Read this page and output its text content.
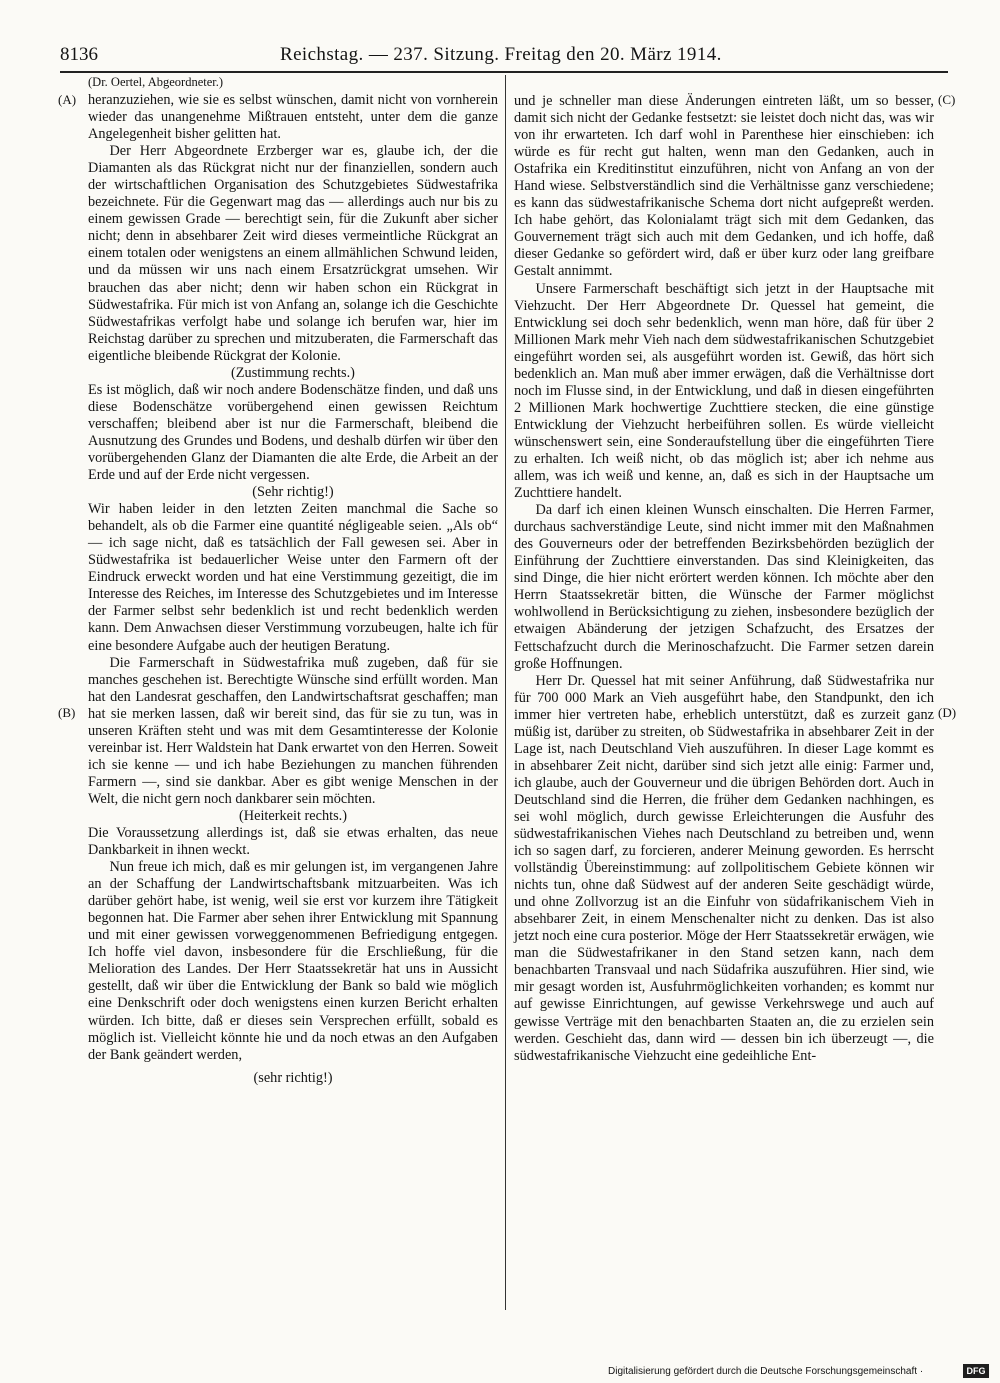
8136	Reichstag. — 237. Sitzung. Freitag den 20. März 1914.
(Dr. Oertel, Abgeordneter.)
(A)
(B)
(C)
(D)

heranzuziehen, wie sie es selbst wünschen, damit nicht von vornherein wieder das unangenehme Mißtrauen entsteht, unter dem die ganze Angelegenheit bisher gelitten hat.

Der Herr Abgeordnete Erzberger war es, glaube ich, der die Diamanten als das Rückgrat nicht nur der finanziellen, sondern auch der wirtschaftlichen Organisation des Schutzgebietes Südwestafrika bezeichnete. Für die Gegenwart mag das — allerdings auch nur bis zu einem gewissen Grade — berechtigt sein, für die Zukunft aber sicher nicht; denn in absehbarer Zeit wird dieses vermeintliche Rückgrat an einem totalen oder wenigstens an einem allmählichen Schwund leiden, und da müssen wir uns nach einem Ersatzrückgrat umsehen. Wir brauchen das aber nicht; denn wir haben schon ein Rückgrat in Südwestafrika. Für mich ist von Anfang an, solange ich die Geschichte Südwestafrikas verfolgt habe und solange ich berufen war, hier im Reichstag darüber zu sprechen und mitzuberaten, die Farmerschaft das eigentliche bleibende Rückgrat der Kolonie.

(Zustimmung rechts.)

Es ist möglich, daß wir noch andere Bodenschätze finden, und daß uns diese Bodenschätze vorübergehend einen gewissen Reichtum verschaffen; bleibend aber ist nur die Farmerschaft, bleibend die Ausnutzung des Grundes und Bodens, und deshalb dürfen wir über den vorübergehenden Glanz der Diamanten die alte Erde, die Arbeit an der Erde und auf der Erde nicht vergessen.

(Sehr richtig!)

Wir haben leider in den letzten Zeiten manchmal die Sache so behandelt, als ob die Farmer eine quantité négligeable seien. „Als ob“ — ich sage nicht, daß es tatsächlich der Fall gewesen sei. Aber in Südwestafrika ist bedauerlicher Weise unter den Farmern oft der Eindruck erweckt worden und hat eine Verstimmung gezeitigt, die im Interesse des Reiches, im Interesse des Schutzgebietes und im Interesse der Farmer selbst sehr bedenklich ist und recht bedenklich werden kann. Dem Anwachsen dieser Verstimmung vorzubeugen, halte ich für eine besondere Aufgabe auch der heutigen Beratung.

Die Farmerschaft in Südwestafrika muß zugeben, daß für sie manches geschehen ist. Berechtigte Wünsche sind erfüllt worden. Man hat den Landesrat geschaffen, den Landwirtschaftsrat geschaffen; man hat sie merken lassen, daß wir bereit sind, das für sie zu tun, was in unseren Kräften steht und was mit dem Gesamtinteresse der Kolonie vereinbar ist. Herr Waldstein hat Dank erwartet von den Herren. Soweit ich sie kenne — und ich habe Beziehungen zu manchen führenden Farmern —, sind sie dankbar. Aber es gibt wenige Menschen in der Welt, die nicht gern noch dankbarer sein möchten.

(Heiterkeit rechts.)

Die Voraussetzung allerdings ist, daß sie etwas erhalten, das neue Dankbarkeit in ihnen weckt.

Nun freue ich mich, daß es mir gelungen ist, im vergangenen Jahre an der Schaffung der Landwirtschaftsbank mitzuarbeiten. Was ich darüber gehört habe, ist wenig, weil sie erst vor kurzem ihre Tätigkeit begonnen hat. Die Farmer aber sehen ihrer Entwicklung mit Spannung und mit einer gewissen vorweggenommenen Befriedigung entgegen. Ich hoffe viel davon, insbesondere für die Erschließung, für die Melioration des Landes. Der Herr Staatssekretär hat uns in Aussicht gestellt, daß wir über die Entwicklung der Bank so bald wie möglich eine Denkschrift oder doch wenigstens einen kurzen Bericht erhalten würden. Ich bitte, daß er dieses sein Versprechen erfüllt, sobald es möglich ist. Vielleicht könnte hie und da noch etwas an den Aufgaben der Bank geändert werden,

(sehr richtig!)

und je schneller man diese Änderungen eintreten läßt, um so besser, damit sich nicht der Gedanke festsetzt: sie leistet doch nicht das, was wir von ihr erwarteten. Ich darf wohl in Parenthese hier einschieben: ich würde es für recht gut halten, wenn man den Gedanken, auch in Ostafrika ein Kreditinstitut einzuführen, nicht von Anfang an von der Hand wiese. Selbstverständlich sind die Verhältnisse ganz verschiedene; es kann das südwestafrikanische Schema dort nicht aufgepreßt werden. Ich habe gehört, das Kolonialamt trägt sich mit dem Gedanken, das Gouvernement trägt sich auch mit dem Gedanken, und ich hoffe, daß dieser Gedanke so gefördert wird, daß er über kurz oder lang greifbare Gestalt annimmt.

Unsere Farmerschaft beschäftigt sich jetzt in der Hauptsache mit Viehzucht. Der Herr Abgeordnete Dr. Quessel hat gemeint, die Entwicklung sei doch sehr bedenklich, wenn man höre, daß für über 2 Millionen Mark mehr Vieh nach dem südwestafrikanischen Schutzgebiet eingeführt worden sei, als ausgeführt worden ist. Gewiß, das hört sich bedenklich an. Man muß aber immer erwägen, daß die Verhältnisse dort noch im Flusse sind, in der Entwicklung, und daß in diesen eingeführten 2 Millionen Mark hochwertige Zuchttiere stecken, die eine günstige Entwicklung der Viehzucht herbeiführen sollen. Es würde vielleicht wünschenswert sein, eine Sonderaufstellung über die eingeführten Tiere zu erhalten. Ich weiß nicht, ob das möglich ist; aber ich nehme aus allem, was ich weiß und kenne, an, daß es sich in der Hauptsache um Zuchttiere handelt.

Da darf ich einen kleinen Wunsch einschalten. Die Herren Farmer, durchaus sachverständige Leute, sind nicht immer mit den Maßnahmen des Gouverneurs oder der betreffenden Bezirksbehörden bezüglich der Einführung der Zuchttiere einverstanden. Das sind Kleinigkeiten, das sind Dinge, die hier nicht erörtert werden können. Ich möchte aber den Herrn Staatssekretär bitten, die Wünsche der Farmer möglichst wohlwollend in Berücksichtigung zu ziehen, insbesondere bezüglich der etwaigen Abänderung der jetzigen Schafzucht, des Ersatzes der Fettschafzucht durch die Merinoschafzucht. Die Farmer setzen darein große Hoffnungen.

Herr Dr. Quessel hat mit seiner Anführung, daß Südwestafrika nur für 700 000 Mark an Vieh ausgeführt habe, den Standpunkt, den ich immer hier vertreten habe, erheblich unterstützt, daß es zurzeit ganz müßig ist, darüber zu streiten, ob Südwestafrika in absehbarer Zeit in der Lage ist, nach Deutschland Vieh auszuführen. In dieser Lage kommt es in absehbarer Zeit nicht, darüber sind sich jetzt alle einig: Farmer und, ich glaube, auch der Gouverneur und die übrigen Behörden dort. Auch in Deutschland sind die Herren, die früher dem Gedanken nachhingen, es sei wohl möglich, durch gewisse Erleichterungen die Ausfuhr des südwestafrikanischen Viehes nach Deutschland zu betreiben und, wenn ich so sagen darf, zu forcieren, anderer Meinung geworden. Es herrscht vollständig Übereinstimmung: auf zollpolitischem Gebiete können wir nichts tun, ohne daß Südwest auf der anderen Seite geschädigt würde, und ohne Zollvorzug ist an die Einfuhr von südafrikanischem Vieh in absehbarer Zeit, in einem Menschenalter nicht zu denken. Das ist also jetzt noch eine cura posterior. Möge der Herr Staatssekretär erwägen, wie man die Südwestafrikaner in den Stand setzen kann, nach dem benachbarten Transvaal und nach Südafrika auszuführen. Hier sind, wie mir gesagt worden ist, Ausfuhrmöglichkeiten vorhanden; es kommt nur auf gewisse Einrichtungen, auf gewisse Verkehrswege und auch auf gewisse Verträge mit den benachbarten Staaten an, die zu erzielen sein werden. Geschieht das, dann wird — dessen bin ich überzeugt —, die südwestafrikanische Viehzucht eine gedeihliche Ent-

Digitalisierung gefördert durch die Deutsche Forschungsgemeinschaft ·	DFG
